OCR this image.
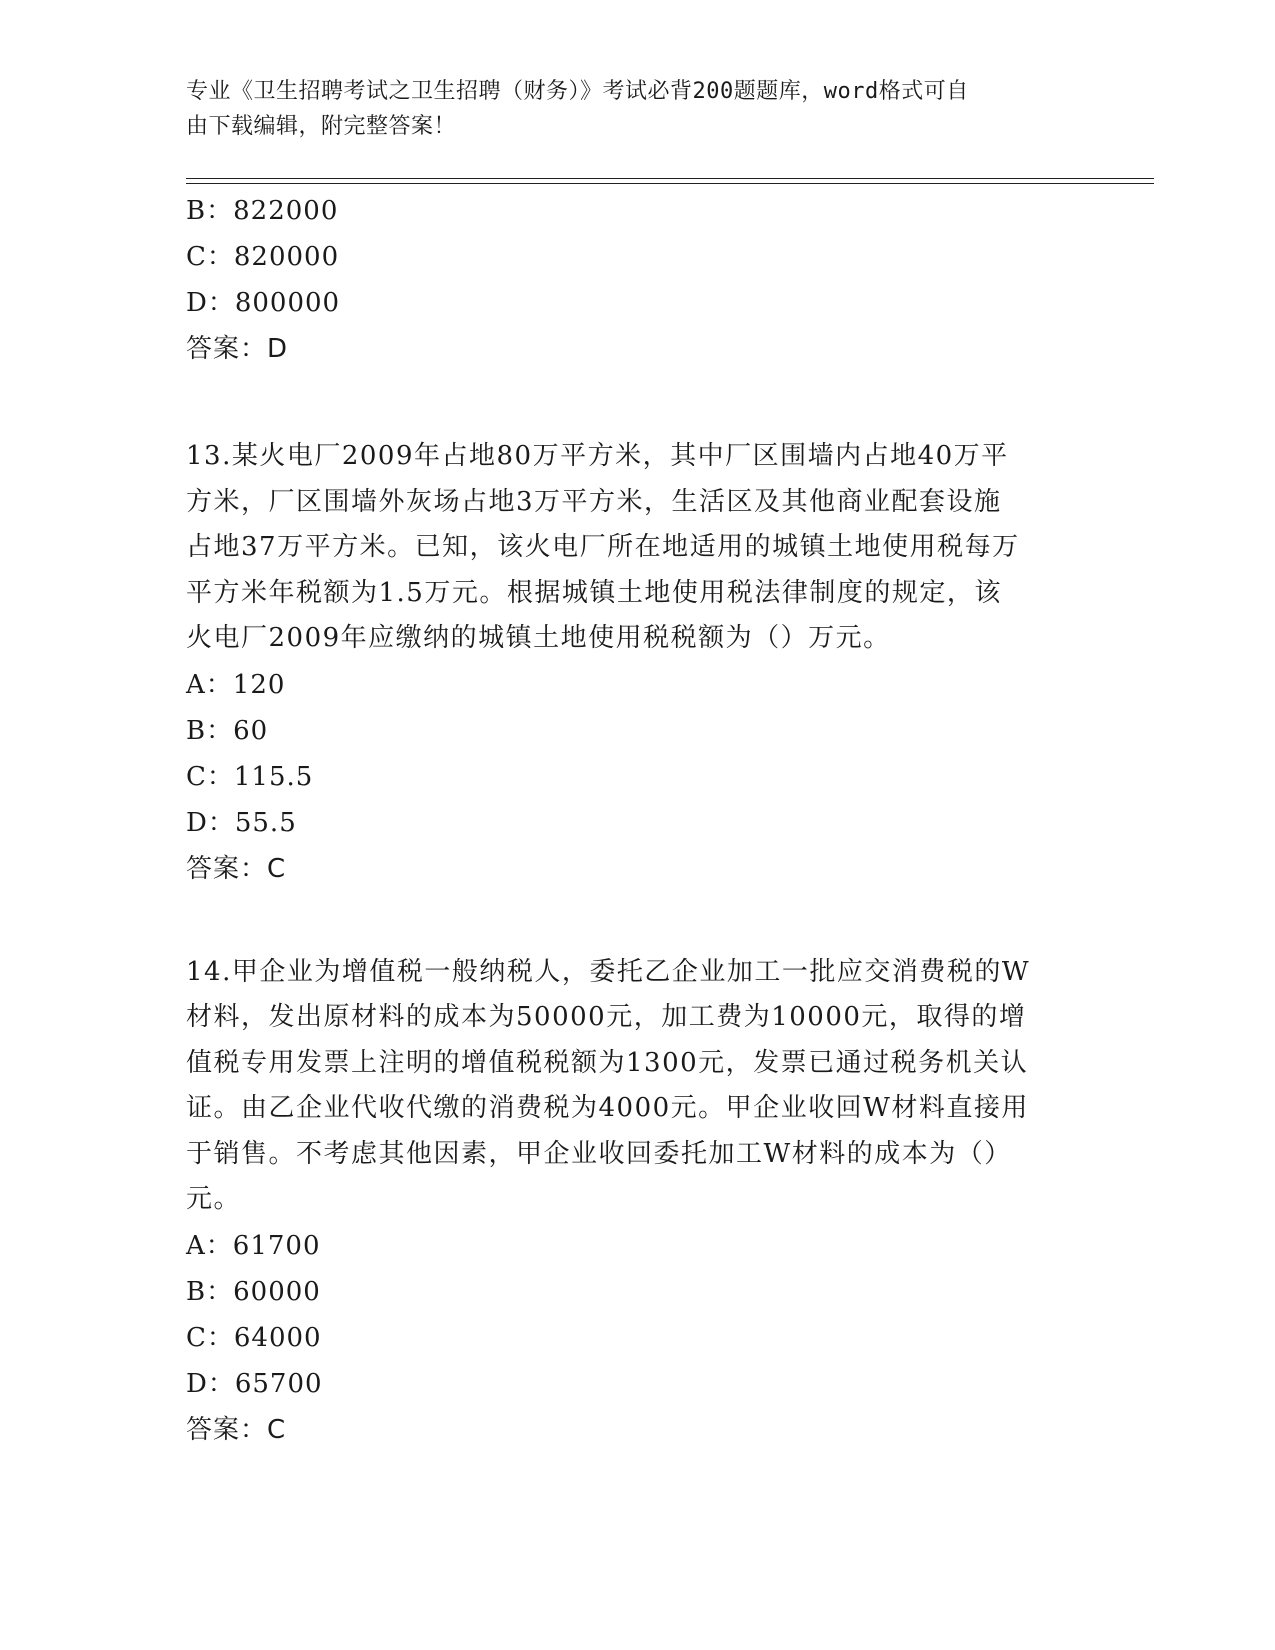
专业《卫生招聘考试之卫生招聘（财务）》考试必背200题题库，word格式可自
由下载编辑，附完整答案！
B：822000
C：820000
D：800000
答案：D
13.某火电厂2009年占地80万平方米，其中厂区围墙内占地40万平
方米，厂区围墙外灰场占地3万平方米，生活区及其他商业配套设施
占地37万平方米。已知，该火电厂所在地适用的城镇土地使用税每万
平方米年税额为1.5万元。根据城镇土地使用税法律制度的规定，该
火电厂2009年应缴纳的城镇土地使用税税额为（）万元。
A：120
B：60
C：115.5
D：55.5
答案：C
14.甲企业为增值税一般纳税人，委托乙企业加工一批应交消费税的W
材料，发出原材料的成本为50000元，加工费为10000元，取得的增
值税专用发票上注明的增值税税额为1300元，发票已通过税务机关认
证。由乙企业代收代缴的消费税为4000元。甲企业收回W材料直接用
于销售。不考虑其他因素，甲企业收回委托加工W材料的成本为（）
元。
A：61700
B：60000
C：64000
D：65700
答案：C
